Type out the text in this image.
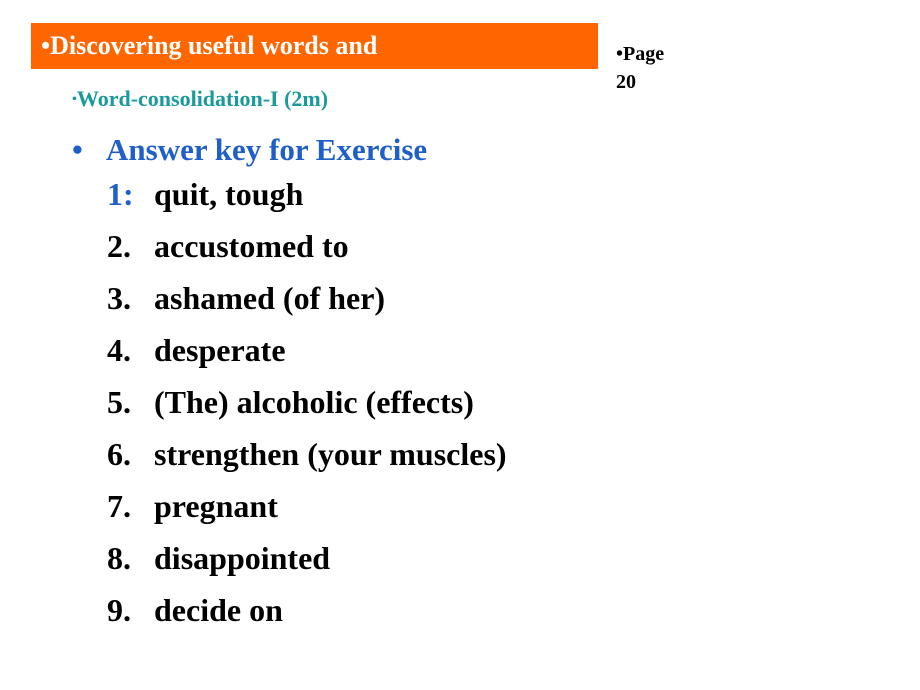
•Discovering useful words and	•Page
20
•Word-consolidation-I (2m)
• Answer key for Exercise
1: quit, tough
2. accustomed to
3. ashamed (of her)
4. desperate
5. (The) alcoholic (effects)
6. strengthen (your muscles)
7. pregnant
8. disappointed
9. decide on
